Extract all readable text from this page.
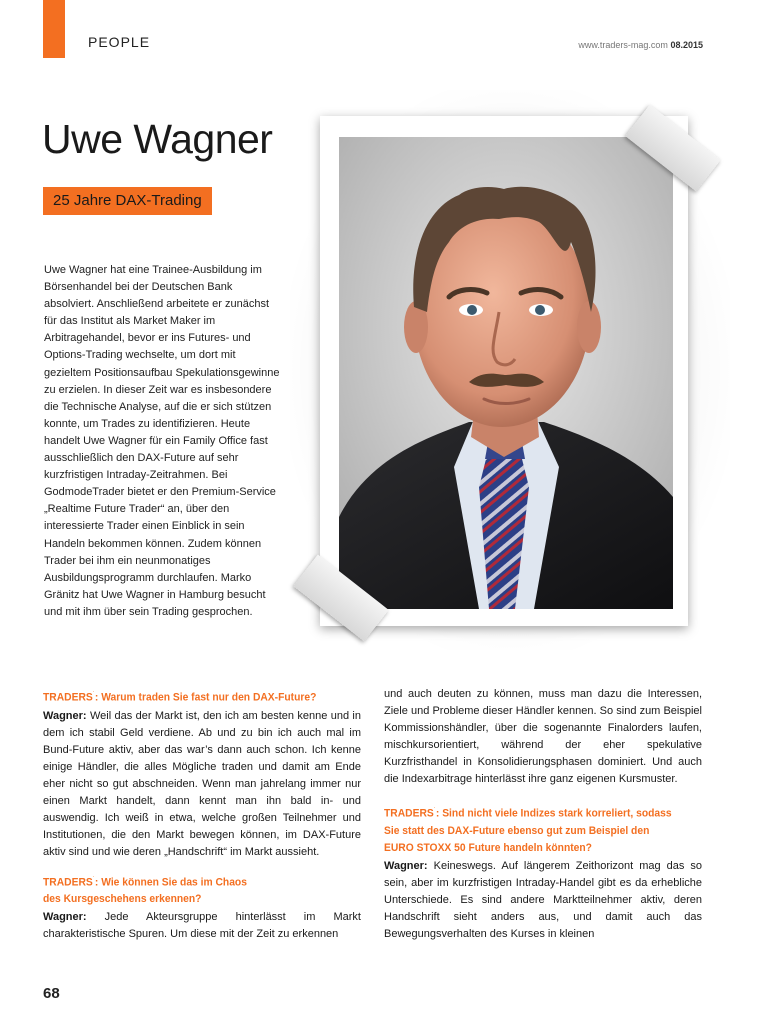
PEOPLE	www.traders-mag.com 08.2015
Uwe Wagner
25 Jahre DAX-Trading

Uwe Wagner hat eine Trainee-Ausbildung im Börsenhandel bei der Deutschen Bank absolviert. Anschließend arbeitete er zunächst für das Institut als Market Maker im Arbitragehandel, bevor er ins Futures- und Options-Trading wechselte, um dort mit gezieltem Positionsaufbau Spekulationsgewinne zu erzielen. In dieser Zeit war es insbesondere die Technische Analyse, auf die er sich stützen konnte, um Trades zu identifizieren. Heute handelt Uwe Wagner für ein Family Office fast ausschließlich den DAX-Future auf sehr kurzfristigen Intraday-Zeitrahmen. Bei GodmodeTrader bietet er den Premium-Service „Realtime Future Trader“ an, über den interessierte Trader einen Einblick in sein Handeln bekommen können. Zudem können Trader bei ihm ein neunmonatiges Ausbildungsprogramm durchlaufen. Marko Gränitz hat Uwe Wagner in Hamburg besucht und mit ihm über sein Trading gesprochen.

TRADERS´: Warum traden Sie fast nur den DAX-Future?

Wagner: Weil das der Markt ist, den ich am besten kenne und in dem ich stabil Geld verdiene. Ab und zu bin ich auch mal im Bund-Future aktiv, aber das war’s dann auch schon. Ich kenne einige Händler, die alles Mögliche traden und damit am Ende eher nicht so gut abschneiden. Wenn man jahrelang immer nur einen Markt handelt, dann kennt man ihn bald in- und auswendig. Ich weiß in etwa, welche großen Teilnehmer und Institutionen, die den Markt bewegen können, im DAX-Future aktiv sind und wie deren „Handschrift“ im Markt aussieht.

TRADERS´: Wie können Sie das im Chaos
des Kursgeschehens erkennen?

Wagner: Jede Akteursgruppe hinterlässt im Markt charakteristische Spuren. Um diese mit der Zeit zu erkennen

und auch deuten zu können, muss man dazu die Interessen, Ziele und Probleme dieser Händler kennen. So sind zum Beispiel Kommissionshändler, über die sogenannte Finalorders laufen, mischkursorientiert, während der eher spekulative Kurzfristhandel in Konsolidierungsphasen dominiert. Und auch die Indexarbitrage hinterlässt ihre ganz eigenen Kursmuster.

TRADERS´: Sind nicht viele Indizes stark korreliert, sodass
Sie statt des DAX-Future ebenso gut zum Beispiel den
EURO STOXX 50 Future handeln könnten?

Wagner: Keineswegs. Auf längerem Zeithorizont mag das so sein, aber im kurzfristigen Intraday-Handel gibt es da erhebliche Unterschiede. Es sind andere Marktteilnehmer aktiv, deren Handschrift sieht anders aus, und damit auch das Bewegungsverhalten des Kurses in kleinen

68
